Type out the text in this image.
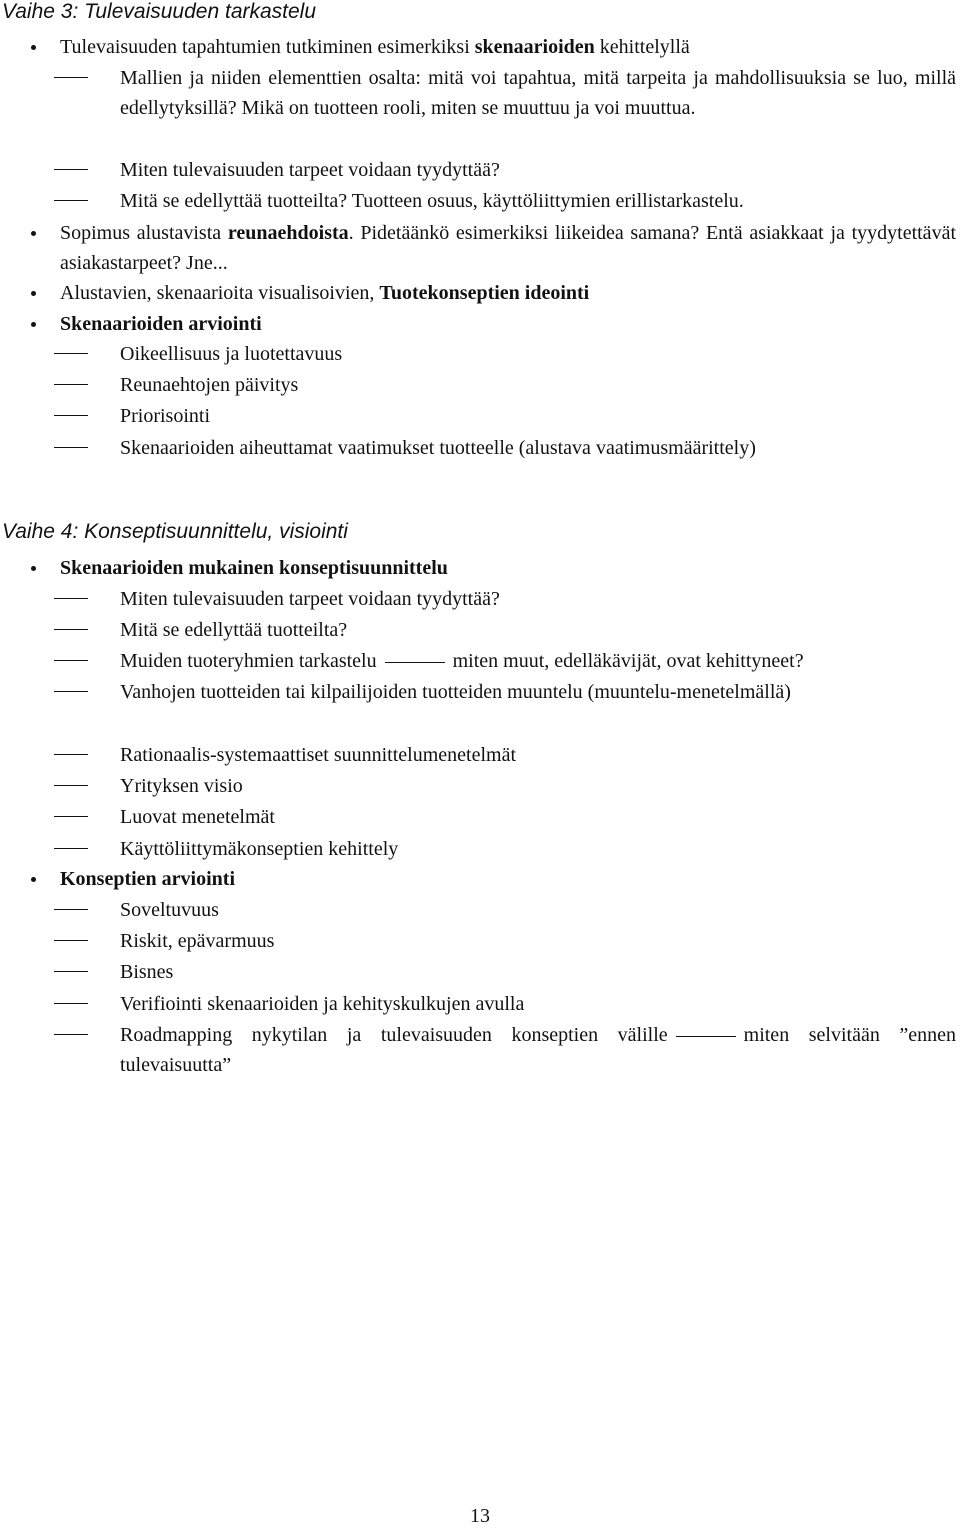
Vaihe 3: Tulevaisuuden tarkastelu
Tulevaisuuden tapahtumien tutkiminen esimerkiksi skenaarioiden kehittelyllä
Mallien ja niiden elementtien osalta: mitä voi tapahtua, mitä tarpeita ja mahdollisuuksia se luo, millä edellytyksillä? Mikä on tuotteen rooli, miten se muuttuu ja voi muuttua.
Miten tulevaisuuden tarpeet voidaan tyydyttää?
Mitä se edellyttää tuotteilta? Tuotteen osuus, käyttöliittymien erillistarkastelu.
Sopimus alustavista reunaehdoista. Pidetäänkö esimerkiksi liikeidea samana? Entä asiakkaat ja tyydytettävät asiakastarpeet? Jne...
Alustavien, skenaarioita visualisoivien, Tuotekonseptien ideointi
Skenaarioiden arviointi
Oikeellisuus ja luotettavuus
Reunaehtojen päivitys
Priorisointi
Skenaarioiden aiheuttamat vaatimukset tuotteelle (alustava vaatimusmäärittely)
Vaihe 4: Konseptisuunnittelu, visiointi
Skenaarioiden mukainen konseptisuunnittelu
Miten tulevaisuuden tarpeet voidaan tyydyttää?
Mitä se edellyttää tuotteilta?
Muiden tuoteryhmien tarkastelu	miten muut, edelläkävijät, ovat kehittyneet?
Vanhojen tuotteiden tai kilpailijoiden tuotteiden muuntelu (muuntelu-menetelmällä)
Rationaalis-systemaattiset suunnittelumenetelmät
Yrityksen visio
Luovat menetelmät
Käyttöliittymäkonseptien kehittely
Konseptien arviointi
Soveltuvuus
Riskit, epävarmuus
Bisnes
Verifiointi skenaarioiden ja kehityskulkujen avulla
Roadmapping nykytilan ja tulevaisuuden konseptien välille	miten selvitään ”ennen tulevaisuutta”
13
